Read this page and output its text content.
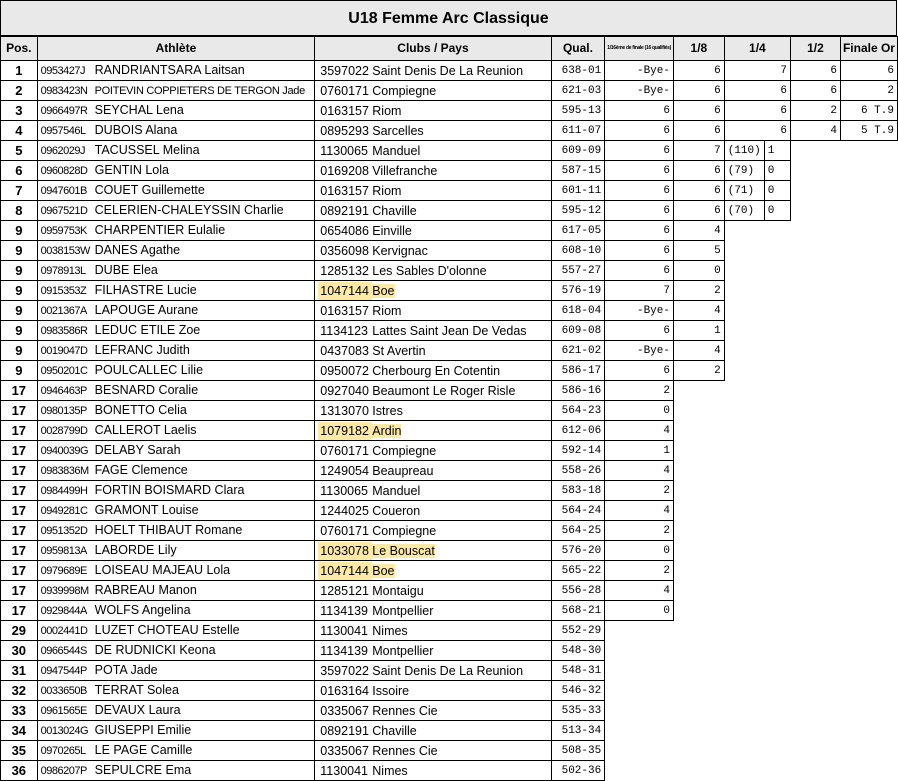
U18 Femme Arc Classique
Pos.	Athlète	Clubs / Pays	Qual.	1/16ème de finale (16 qualifiés)	1/8	1/4		1/2	Finale Or
1	0953427J RANDRIANTSARA Laitsan	3597022 Saint Denis De La Reunion	638-01	-Bye-	6	7		6	6
2	0983423N POITEVIN COPPIETERS DE TERGON Jade	0760171 Compiegne	621-03	-Bye-	6	6		6	2
3	0966497R SEYCHAL Lena	0163157 Riom	595-13	6	6	6		2	6 T.9
4	0957546L DUBOIS Alana	0895293 Sarcelles	611-07	6	6	6		4	5 T.9
5	0962029J TACUSSEL Melina	1130065 Manduel	609-09	6	7	(110)	1		
6	0960828D GENTIN Lola	0169208 Villefranche	587-15	6	6	(79)	0		
7	0947601B COUET Guillemette	0163157 Riom	601-11	6	6	(71)	0		
8	0967521D CELERIEN-CHALEYSSIN Charlie	0892191 Chaville	595-12	6	6	(70)	0		
9	0959753K CHARPENTIER Eulalie	0654086 Einville	617-05	6	4				
9	0038153W DANES Agathe	0356098 Kervignac	608-10	6	5				
9	0978913L DUBE Elea	1285132 Les Sables D'olonne	557-27	6	0				
9	0915353Z FILHASTRE Lucie	1047144 Boe	576-19	7	2				
9	0021367A LAPOUGE Aurane	0163157 Riom	618-04	-Bye-	4				
9	0983586R LEDUC ETILE Zoe	1134123 Lattes Saint Jean De Vedas	609-08	6	1				
9	0019047D LEFRANC Judith	0437083 St Avertin	621-02	-Bye-	4				
9	0950201C POULCALLEC Lilie	0950072 Cherbourg En Cotentin	586-17	6	2				
17	0946463P BESNARD Coralie	0927040 Beaumont Le Roger Risle	586-16	2					
17	0980135P BONETTO Celia	1313070 Istres	564-23	0					
17	0028799D CALLEROT Laelis	1079182 Ardin	612-06	4					
17	0940039G DELABY Sarah	0760171 Compiegne	592-14	1					
17	0983836M FAGE Clemence	1249054 Beaupreau	558-26	4					
17	0984499H FORTIN BOISMARD Clara	1130065 Manduel	583-18	2					
17	0949281C GRAMONT Louise	1244025 Coueron	564-24	4					
17	0951352D HOELT THIBAUT Romane	0760171 Compiegne	564-25	2					
17	0959813A LABORDE Lily	1033078 Le Bouscat	576-20	0					
17	0979689E LOISEAU MAJEAU Lola	1047144 Boe	565-22	2					
17	0939998M RABREAU Manon	1285121 Montaigu	556-28	4					
17	0929844A WOLFS Angelina	1134139 Montpellier	568-21	0					
29	0002441D LUZET CHOTEAU Estelle	1130041 Nimes	552-29						
30	0966544S DE RUDNICKI Keona	1134139 Montpellier	548-30						
31	0947544P POTA Jade	3597022 Saint Denis De La Reunion	548-31						
32	0033650B TERRAT Solea	0163164 Issoire	546-32						
33	0961565E DEVAUX Laura	0335067 Rennes Cie	535-33						
34	0013024G GIUSEPPI Emilie	0892191 Chaville	513-34						
35	0970265L LE PAGE Camille	0335067 Rennes Cie	508-35						
36	0986207P SEPULCRE Ema	1130041 Nimes	502-36						
